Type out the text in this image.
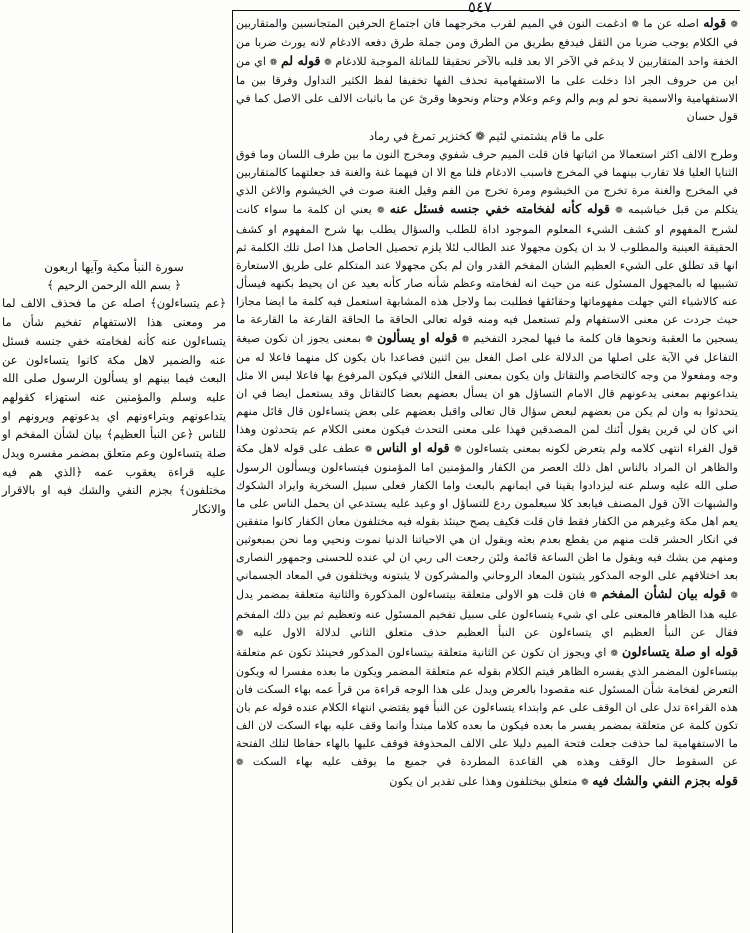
٥٤٧

❁ قوله اصله عن ما ❁ ادغمت النون في الميم لقرب مخرجهما فان اجتماع الحرفين المتجانسين والمتقاربين في الكلام يوجب ضربا من الثقل فيدفع بطريق من الطرق ومن جملة طرق دفعه الادغام لانه يورث ضربا من الخفة واحد المتقاربين لا يدغم في الآخر الا بعد قلبه بالآخر تحقيقا للماثلة الموجبة للادغام ❁ قوله لم ❁ اي من اين من حروف الجر اذا دخلت على ما الاستفهامية تحذف الفها تخفيفا لفظ الكثير التداول وفرقا بين ما الاستفهامية والاسمية نحو لم وبم والم وعم وعلام وحتام ونحوها وقرئ عن ما باثبات الالف على الاصل كما في قول حسان

على ما قام يشتمني لئيم ❁ كخنزير تمرغ في رماد

وطرح الالف اكثر استعمالا من اثباتها فان قلت الميم حرف شفوي ومخرج النون ما بين طرف اللسان وما فوق الثنايا العليا فلا تقارب بينهما في المخرج فاسبب الادغام فلنا مع الا ان فيهما غنة والغنة قد جعلتهما كالمتقاربين في المخرج والغنة مرة تخرج من الخيشوم ومرة تخرج من الفم وقيل الغنة صوت في الخيشوم والاغن الذي يتكلم من قبل خياشيمه ❁ قوله كأنه لفخامته خفي جنسه فسئل عنه ❁ يعني ان كلمة ما سواء كانت لشرح المفهوم او كشف الشيء المعلوم الموجود اداة للطلب والسؤال يطلب بها شرح المفهوم او كشف الحقيقة العينية والمطلوب لا بد ان يكون مجهولا عند الطالب لئلا يلزم تحصيل الحاصل هذا اصل تلك الكلمة ثم انها قد تطلق على الشيء العظيم الشان المفخم القدر وان لم يكن مجهولا عند المتكلم على طريق الاستعارة تشبيها له بالمجهول المسئول عنه من حيث انه لفخامته وعظم شأنه صار كأنه بعيد عن ان يحيط بكنهه فيسأل عنه كالاشياء التي جهلت مفهوماتها وحقائقها فطلبت بما ولاجل هذه المشابهة استعمل فيه كلمة ما ايضا مجازا حيث جردت عن معنى الاستفهام ولم تستعمل فيه ومنه قوله تعالى الحاقة ما الحاقة القارعة ما القارعة ما يسجين ما العقبة ونحوها فان كلمة ما فيها لمجرد التفخيم ❁ قوله او يسألون ❁ بمعنى يجوز ان تكون صيغة التفاعل في الآية على اصلها من الدلالة على اصل الفعل بين اثنين فصاعدا بان يكون كل منهما فاعلا له من وجه ومفعولا من وجه كالتخاصم والتقاتل وان يكون بمعنى الفعل الثلاثي فيكون المرفوع بها فاعلا ليس الا مثل يتداعونهم بمعنى يدعونهم قال الامام التساؤل هو ان يسأل بعضهم بعضا كالتقاتل وقد يستعمل ايضا في ان يتحدثوا به وان لم يكن من بعضهم لبعض سؤال قال تعالى واقبل بعضهم على بعض يتساءلون قال قائل منهم اني كان لي قرين يقول أئنك لمن المصدقين فهذا على معنى التحدث فيكون معنى الكلام عم يتحدثون وهذا قول الفراء انتهى كلامه ولم يتعرض لكونه بمعنى يتساءلون ❁ قوله او الناس ❁ عطف على قوله لاهل مكة والظاهر ان المراد بالناس اهل ذلك العصر من الكفار والمؤمنين اما المؤمنون فيتساءلون ويسألون الرسول صلى الله عليه وسلم عنه ليزدادوا يقينا في ايمانهم بالبعث واما الكفار فعلى سبيل السخرية وايراد الشكوك والشبهات الآن قول المصنف فيابعد كلا سيعلمون ردع للتساؤل او وعيد عليه يستدعي ان يحمل الناس على ما يعم اهل مكة وغيرهم من الكفار فقط فان قلت فكيف يصح حينئذ بقوله فيه مختلفون معان الكفار كانوا متفقين في انكار الحشر قلت منهم من يقطع بعدم بعثه ويقول ان هي الاحياتنا الدنيا نموت ونحيي وما نحن بمبعوثين ومنهم من يشك فيه ويقول ما اظن الساعة قائمة ولئن رجعت الى ربي ان لي عنده للحسنى وجمهور النصارى بعد اختلافهم على الوجه المذكور يثبتون المعاد الروحاني والمشركون لا يثبتونه ويختلفون في المعاد الجسماني ❁ قوله بيان لشأن المفخم ❁ فان قلت هو الاولى متعلقة بيتساءلون المذكورة والثانية متعلقة بمضمر يدل عليه هذا الظاهر فالمعنى على اي شيء يتساءلون على سبيل تفخيم المسئول عنه وتعظيم ثم بين ذلك المفخم فقال عن النبأ العظيم اي يتساءلون عن النبأ العظيم حذف متعلق الثاني لدلالة الاول عليه ❁ قوله او صلة يتساءلون ❁ اي ويجوز ان تكون عن الثانية متعلقة بيتساءلون المذكور فحينئذ تكون عم متعلقة بيتساءلون المضمر الذي يفسره الظاهر فيتم الكلام بقوله عم متعلقة المضمر ويكون ما بعده مفسرا له ويكون التعرض لفخامة شأن المسئول عنه مقصودا بالعرض ويدل على هذا الوجه قراءة من قرأ عمه بهاء السكت فان هذه القراءة تدل على ان الوقف على عم وابتداء يتساءلون عن النبأ فهو يقتضي انتهاء الكلام عنده قوله عم بان تكون كلمة عن متعلقة بمضمر يفسر ما بعده فيكون ما بعده كلاما مبتدأ وانما وقف عليه بهاء السكت لان الف ما الاستفهامية لما حذفت جعلت فتحة الميم دليلا على الالف المحذوفة فوقف عليها بالهاء حفاظا لتلك الفتحة عن السقوط حال الوقف وهذه هي القاعدة المطردة في جميع ما يوقف عليه بهاء السكت ❁ قوله بجزم النفي والشك فيه ❁ متعلق بيختلفون وهذا على تقدير ان يكون

سورة النبأ مكية وآيها اربعون
﴿ بسم الله الرحمن الرحيم ﴾
﴿عم يتساءلون﴾ اصله عن ما فحذف الالف لما مر ومعنى هذا الاستفهام تفخيم شأن ما يتساءلون عنه كأنه لفخامته خفي جنسه فسئل عنه والضمير لاهل مكة كانوا يتساءلون عن البعث فيما بينهم او يسألون الرسول صلى الله عليه وسلم والمؤمنين عنه استهزاء كقولهم يتداعونهم وبتراءونهم اي يدعونهم ويرونهم او للناس ﴿عن النبأ العظيم﴾ بيان لشأن المفخم او صلة يتساءلون وعم متعلق بمضمر مفسره ويدل عليه قراءة يعقوب عمه ﴿الذي هم فيه مختلفون﴾ بجزم النفي والشك فيه او بالاقرار والانكار
